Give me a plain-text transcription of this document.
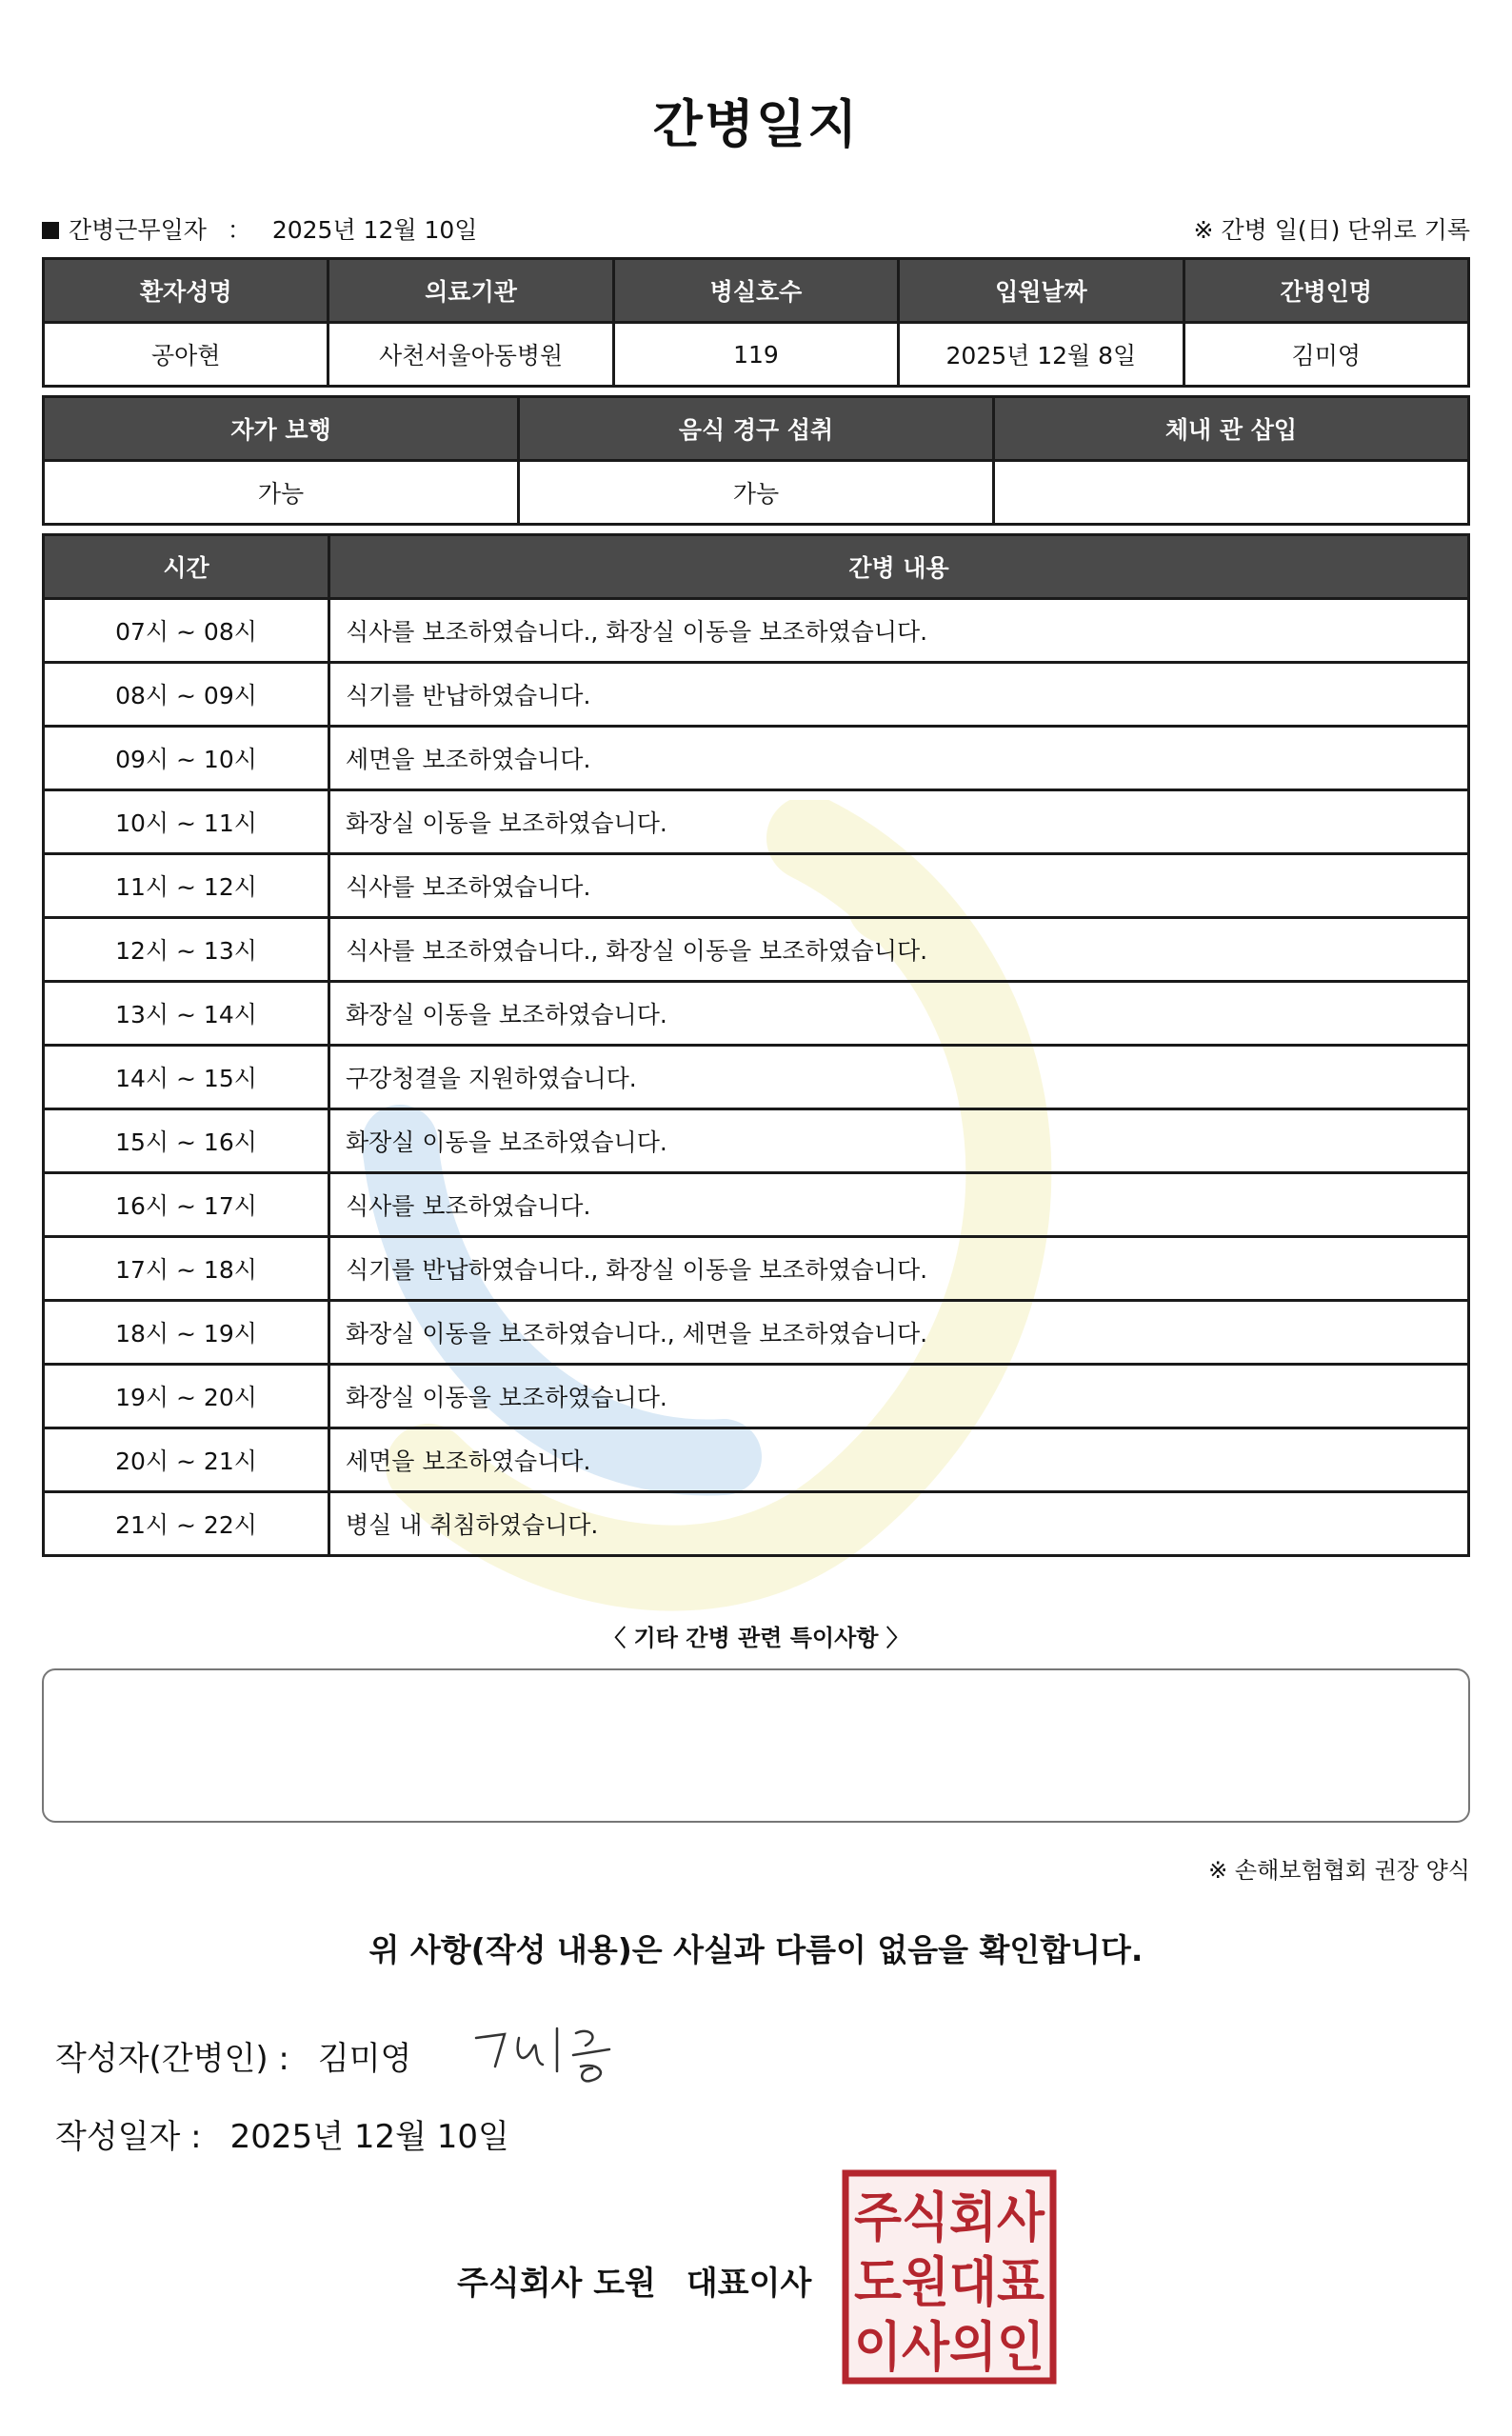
간병일지
간병근무일자 ： 2025년 12월 10일	※ 간병 일(日) 단위로 기록
환자성명	의료기관	병실호수	입원날짜	간병인명
공아현	사천서울아동병원	119	2025년 12월 8일	김미영
자가 보행	음식 경구 섭취	체내 관 삽입
가능	가능	
시간	간병 내용
07시 ~ 08시	식사를 보조하였습니다., 화장실 이동을 보조하였습니다.
08시 ~ 09시	식기를 반납하였습니다.
09시 ~ 10시	세면을 보조하였습니다.
10시 ~ 11시	화장실 이동을 보조하였습니다.
11시 ~ 12시	식사를 보조하였습니다.
12시 ~ 13시	식사를 보조하였습니다., 화장실 이동을 보조하였습니다.
13시 ~ 14시	화장실 이동을 보조하였습니다.
14시 ~ 15시	구강청결을 지원하였습니다.
15시 ~ 16시	화장실 이동을 보조하였습니다.
16시 ~ 17시	식사를 보조하였습니다.
17시 ~ 18시	식기를 반납하였습니다., 화장실 이동을 보조하였습니다.
18시 ~ 19시	화장실 이동을 보조하였습니다., 세면을 보조하였습니다.
19시 ~ 20시	화장실 이동을 보조하였습니다.
20시 ~ 21시	세면을 보조하였습니다.
21시 ~ 22시	병실 내 취침하였습니다.
〈 기타 간병 관련 특이사항 〉
※ 손해보험협회 권장 양식
위 사항(작성 내용)은 사실과 다름이 없음을 확인합니다.
작성자(간병인) : 김미영
작성일자 : 2025년 12월 10일
주식회사 도원 대표이사
주식회사
도원대표
이사의인
